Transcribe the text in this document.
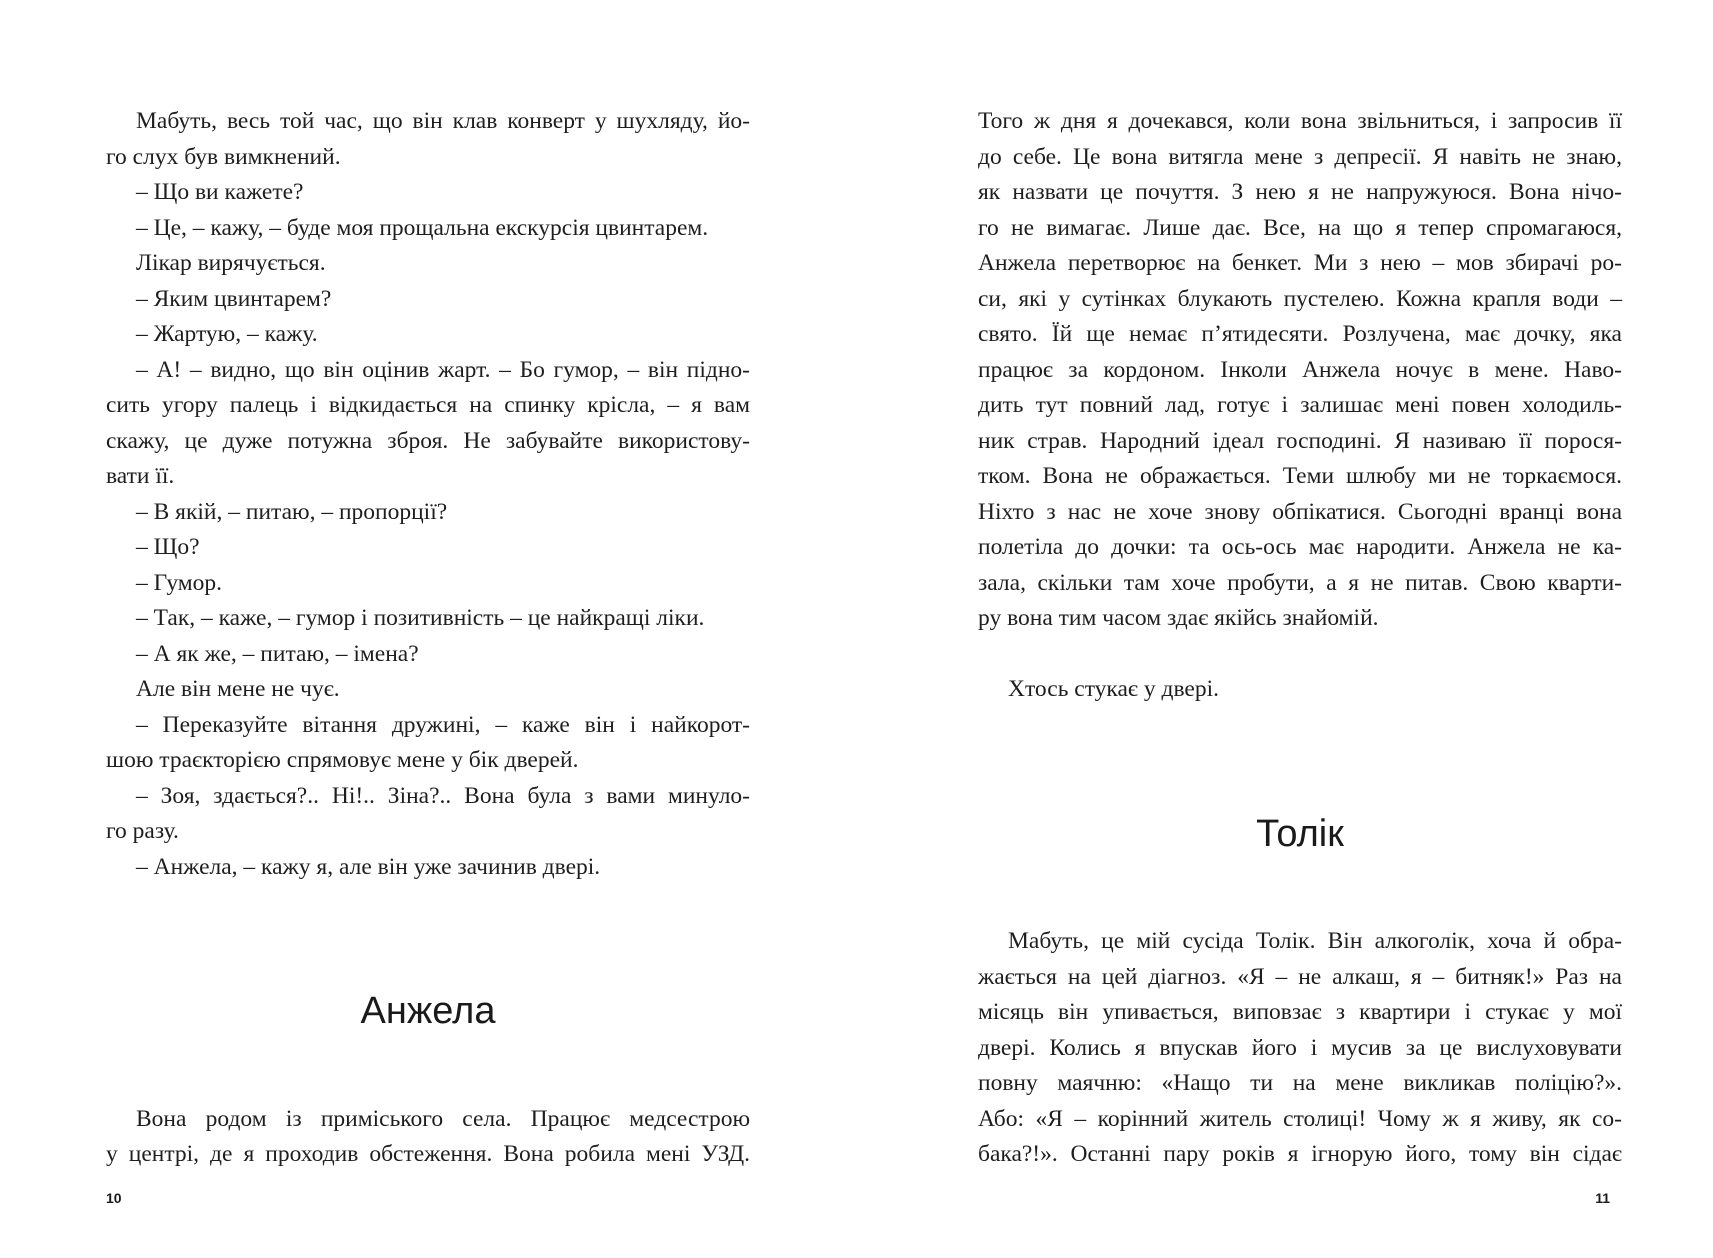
Мабуть, весь той час, що він клав конверт у шухляду, йо-
го слух був вимкнений.
– Що ви кажете?
– Це, – кажу, – буде моя прощальна екскурсія цвинтарем.
Лікар вирячується.
– Яким цвинтарем?
– Жартую, – кажу.
– А! – видно, що він оцінив жарт. – Бо гумор, – він підно-
сить угору палець і відкидається на спинку крісла, – я вам
скажу, це дуже потужна зброя. Не забувайте використову-
вати її.
– В якій, – питаю, – пропорції?
– Що?
– Гумор.
– Так, – каже, – гумор і позитивність – це найкращі ліки.
– А як же, – питаю, – імена?
Але він мене не чує.
– Переказуйте вітання дружині, – каже він і найкорот-
шою траєкторією спрямовує мене у бік дверей.
– Зоя, здається?.. Ні!.. Зіна?.. Вона була з вами минуло-
го разу.
– Анжела, – кажу я, але він уже зачинив двері.
Анжела
Вона родом із приміського села. Працює медсестрою
у центрі, де я проходив обстеження. Вона робила мені УЗД.
10
Того ж дня я дочекався, коли вона звільниться, і запросив її
до себе. Це вона витягла мене з депресії. Я навіть не знаю,
як назвати це почуття. З нею я не напружуюся. Вона нічо-
го не вимагає. Лише дає. Все, на що я тепер спромагаюся,
Анжела перетворює на бенкет. Ми з нею – мов збирачі ро-
си, які у сутінках блукають пустелею. Кожна крапля води –
свято. Їй ще немає п’ятидесяти. Розлучена, має дочку, яка
працює за кордоном. Інколи Анжела ночує в мене. Наво-
дить тут повний лад, готує і залишає мені повен холодиль-
ник страв. Народний ідеал господині. Я називаю її порося-
тком. Вона не ображається. Теми шлюбу ми не торкаємося.
Ніхто з нас не хоче знову обпікатися. Сьогодні вранці вона
полетіла до дочки: та ось-ось має народити. Анжела не ка-
зала, скільки там хоче пробути, а я не питав. Свою кварти-
ру вона тим часом здає якійсь знайомій.
Хтось стукає у двері.
Толік
Мабуть, це мій сусіда Толік. Він алкоголік, хоча й обра-
жається на цей діагноз. «Я – не алкаш, я – битняк!» Раз на
місяць він упивається, виповзає з квартири і стукає у мої
двері. Колись я впускав його і мусив за це вислуховувати
повну маячню: «Нащо ти на мене викликав поліцію?».
Або: «Я – корінний житель столиці! Чому ж я живу, як со-
бака?!». Останні пару років я ігнорую його, тому він сідає
11
